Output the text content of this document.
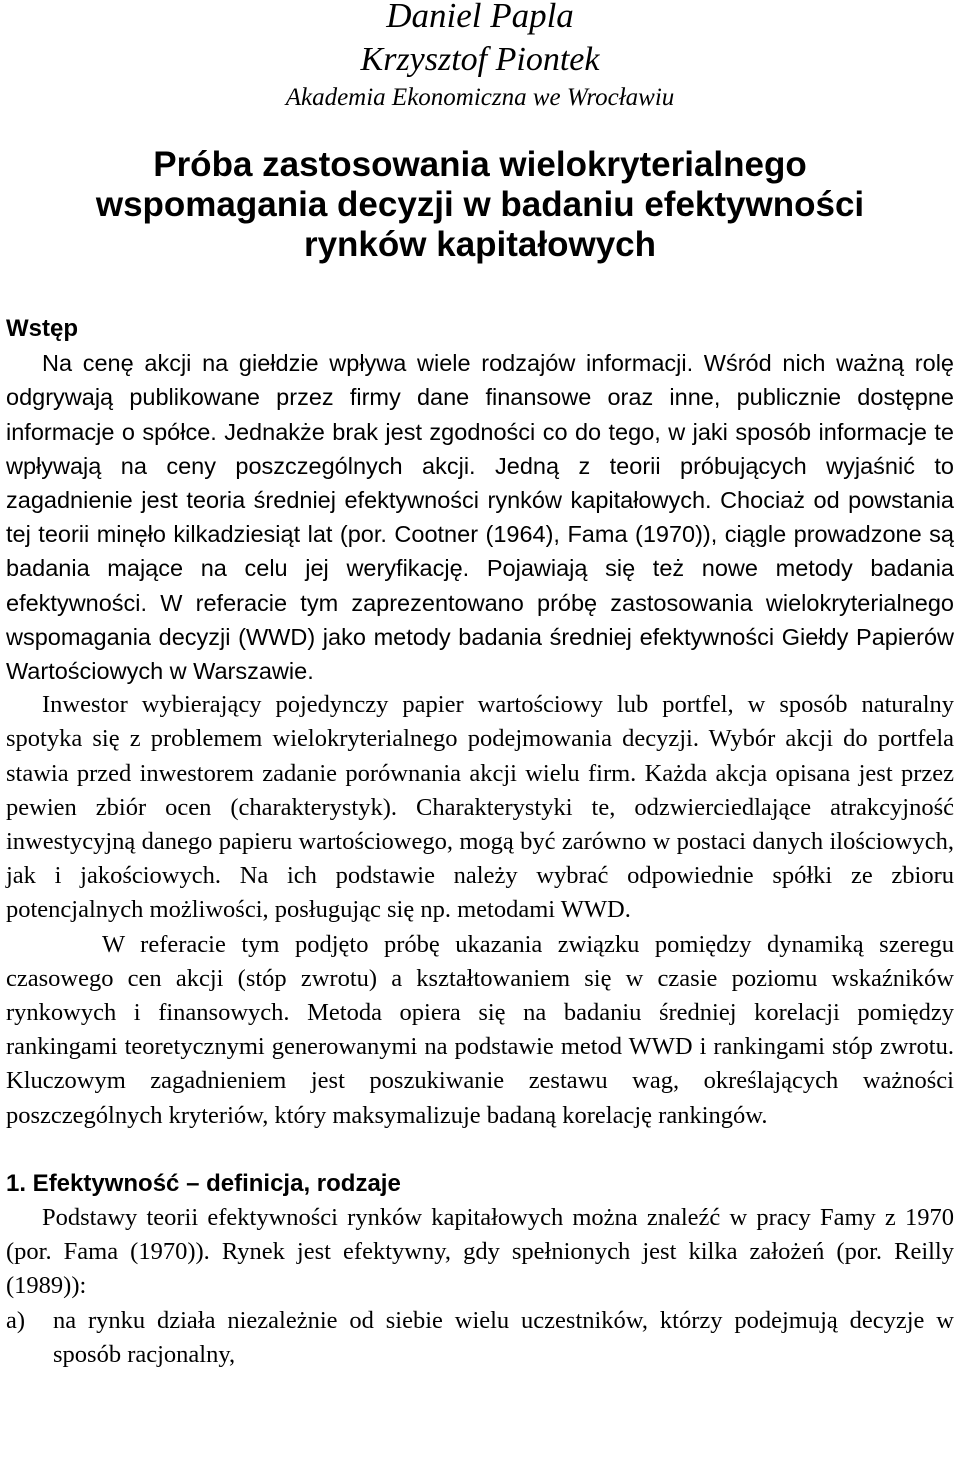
Daniel Papla
Krzysztof Piontek
Akademia Ekonomiczna we Wrocławiu
Próba zastosowania wielokryterialnego
wspomagania decyzji w badaniu efektywności
rynków kapitałowych

Wstęp

Na cenę akcji na giełdzie wpływa wiele rodzajów informacji. Wśród nich ważną rolę odgrywają publikowane przez firmy dane finansowe oraz inne, publicznie dostępne informacje o spółce. Jednakże brak jest zgodności co do tego, w jaki sposób informacje te wpływają na ceny poszczególnych akcji. Jedną z teorii próbujących wyjaśnić to zagadnienie jest teoria średniej efektywności rynków kapitałowych. Chociaż od powstania tej teorii minęło kilkadziesiąt lat (por. Cootner (1964), Fama (1970)), ciągle prowadzone są badania mające na celu jej weryfikację. Pojawiają się też nowe metody badania efektywności. W referacie tym zaprezentowano próbę zastosowania wielokryterialnego wspomagania decyzji (WWD) jako metody badania średniej efektywności Giełdy Papierów Wartościowych w Warszawie.

Inwestor wybierający pojedynczy papier wartościowy lub portfel, w sposób naturalny spotyka się z problemem wielokryterialnego podejmowania decyzji. Wybór akcji do portfela stawia przed inwestorem zadanie porównania akcji wielu firm. Każda akcja opisana jest przez pewien zbiór ocen (charakterystyk). Charakterystyki te, odzwierciedlające atrakcyjność inwestycyjną danego papieru wartościowego, mogą być zarówno w postaci danych ilościowych, jak i jakościowych. Na ich podstawie należy wybrać odpowiednie spółki ze zbioru potencjalnych możliwości, posługując się np. metodami WWD.

W referacie tym podjęto próbę ukazania związku pomiędzy dynamiką szeregu czasowego cen akcji (stóp zwrotu) a kształtowaniem się w czasie poziomu wskaźników rynkowych i finansowych. Metoda opiera się na badaniu średniej korelacji pomiędzy rankingami teoretycznymi generowanymi na podstawie metod WWD i rankingami stóp zwrotu. Kluczowym zagadnieniem jest poszukiwanie zestawu wag, określających ważności poszczególnych kryteriów, który maksymalizuje badaną korelację rankingów.

1. Efektywność – definicja, rodzaje

Podstawy teorii efektywności rynków kapitałowych można znaleźć w pracy Famy z 1970 (por. Fama (1970)). Rynek jest efektywny, gdy spełnionych jest kilka założeń (por. Reilly (1989)):

a) na rynku działa niezależnie od siebie wielu uczestników, którzy podejmują decyzje w sposób racjonalny,
